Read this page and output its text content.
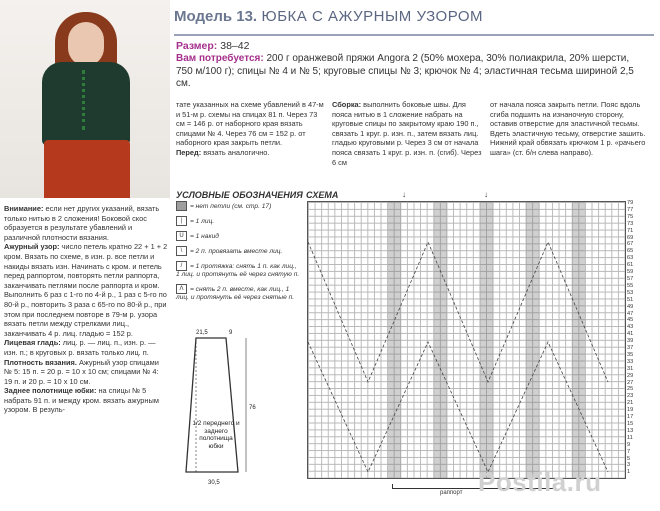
Модель 13. ЮБКА С АЖУРНЫМ УЗОРОМ
Размер: 38–42
Вам потребуется: 200 г оранжевой пряжи Angora 2 (50% мохера, 30% полиакрила, 20% шерсти, 750 м/100 г); спицы № 4 и № 5; круговые спицы № 3; крючок № 4; эластичная тесьма шириной 2,5 см.
Внимание: если нет других указаний, вязать только нитью в 2 сложения! Боковой скос образуется в результате убавлений и различной плотности вязания.
Ажурный узор: число петель кратно 22 + 1 + 2 кром. Вязать по схеме, в изн. р. все петли и накиды вязать изн. Начинать с кром. и петель перед раппортом, повторять петли раппорта, заканчивать петлями после раппорта и кром. Выполнить 6 раз с 1-го по 4-й р., 1 раз с 5-го по 80-й р., повторить 3 раза с 65-го по 80-й р., при этом при последнем повторе в 79-м р. узора вязать петли между стрелками лиц., заканчивать 4 р. лиц. гладью = 152 р.
Лицевая гладь: лиц. р. — лиц. п., изн. р. — изн. п.; в круговых р. вязать только лиц. п.
Плотность вязания. Ажурный узор спицами № 5: 15 п. = 20 р. = 10 х 10 см; спицами № 4: 19 п. и 20 р. = 10 х 10 см.
Заднее полотнище юбки: на спицы № 5 набрать 91 п. и между кром. вязать ажурным узором. В резуль-
тате указанных на схеме убавлений в 47-м и 51-м р. схемы на спицах 81 п. Через 73 см = 146 р. от наборного края вязать спицами № 4. Через 76 см = 152 р. от наборного края закрыть петли.
Перед: вязать аналогично.
Сборка: выполнить боковые швы. Для пояса нитью в 1 сложение набрать на круговые спицы по закрытому краю 190 п., связать 1 круг. р. изн. п., затем вязать лиц. гладью круговыми р. Через 3 см от начала пояса связать 1 круг. р. изн. п. (сгиб). Через 6 см
от начала пояса закрыть петли. Пояс вдоль сгиба подшить на изнаночную сторону, оставив отверстие для эластичной тесьмы. Вдеть эластичную тесьму, отверстие зашить. Нижний край обвязать крючком 1 р. «рачьего шага» (ст. б/н слева направо).
УСЛОВНЫЕ ОБОЗНАЧЕНИЯ
= нет петли (см. стр. 17)
| = 1 лиц.
U = 1 накид
\ = 2 п. провязать вместе лиц.
/ = 1 протяжка: снять 1 п. как лиц., 1 лиц. и протянуть её через снятую п.
Λ = снять 2 п. вместе, как лиц., 1 лиц. и протянуть её через снятые п.
21,5	9
76
30,5
1/2 переднего и заднего полотнища юбки
СХЕМА	↓	↓
79
77
75
73
71
69
67
65
63
61
59
57
55
53
51
49
47
45
43
41
39
37
35
33
31
29
27
25
23
21
19
17
15
13
11
9
7
5
3
1
раппорт Postila.ru
